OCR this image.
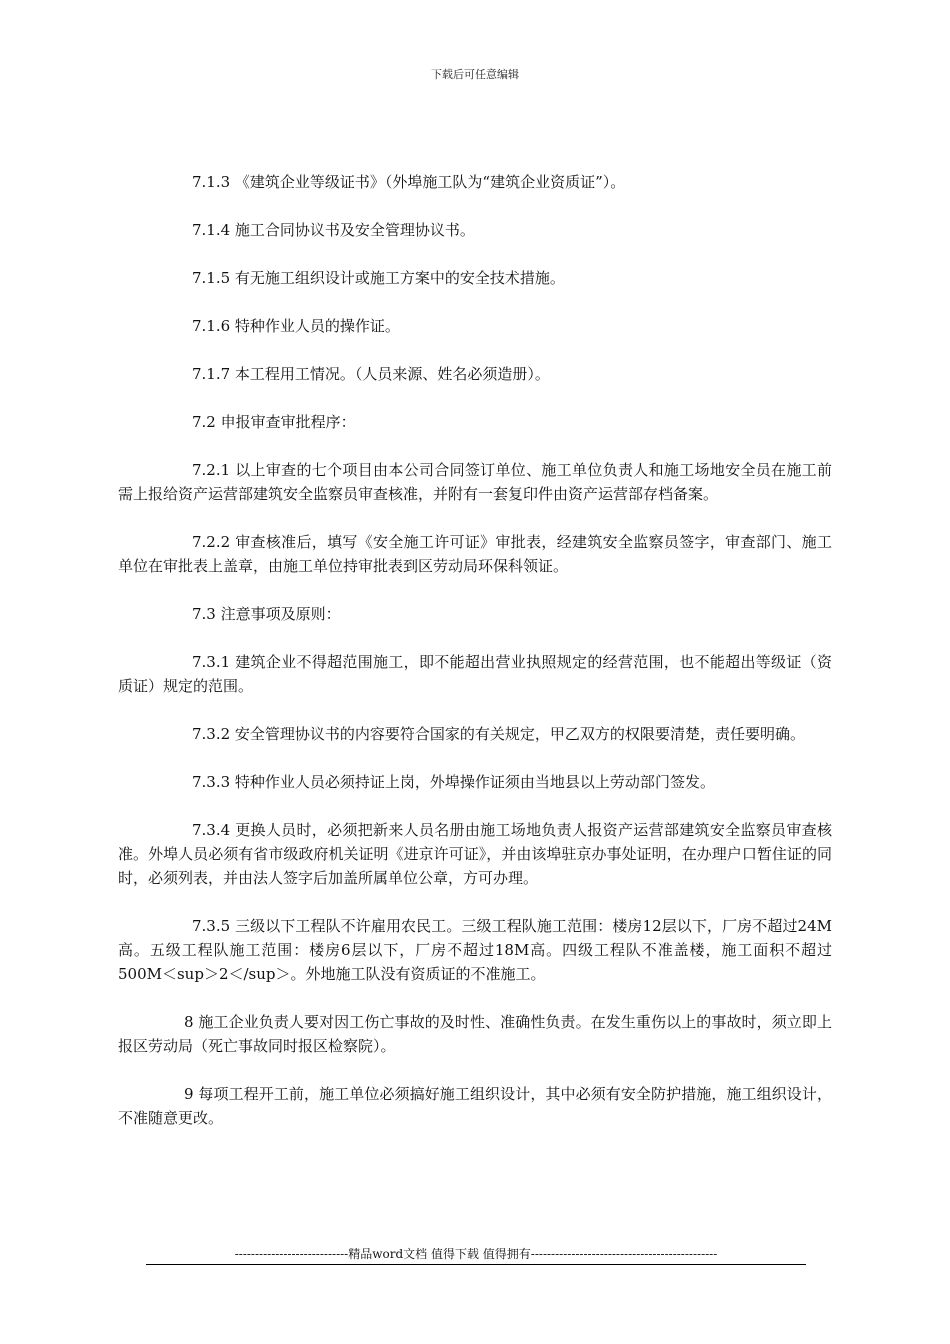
下载后可任意编辑

7.1.3 《建筑企业等级证书》（外埠施工队为“建筑企业资质证”）。

7.1.4 施工合同协议书及安全管理协议书。

7.1.5 有无施工组织设计或施工方案中的安全技术措施。

7.1.6 特种作业人员的操作证。

7.1.7 本工程用工情况。（人员来源、姓名必须造册）。

7.2 申报审查审批程序：

7.2.1 以上审查的七个项目由本公司合同签订单位、施工单位负责人和施工场地安全员在施工前需上报给资产运营部建筑安全监察员审查核准，并附有一套复印件由资产运营部存档备案。

7.2.2 审查核准后，填写《安全施工许可证》审批表，经建筑安全监察员签字，审查部门、施工单位在审批表上盖章，由施工单位持审批表到区劳动局环保科领证。

7.3 注意事项及原则：

7.3.1 建筑企业不得超范围施工，即不能超出营业执照规定的经营范围，也不能超出等级证（资质证）规定的范围。

7.3.2 安全管理协议书的内容要符合国家的有关规定，甲乙双方的权限要清楚，责任要明确。

7.3.3 特种作业人员必须持证上岗，外埠操作证须由当地县以上劳动部门签发。

7.3.4 更换人员时，必须把新来人员名册由施工场地负责人报资产运营部建筑安全监察员审查核准。外埠人员必须有省市级政府机关证明《进京许可证》，并由该埠驻京办事处证明，在办理户口暂住证的同时，必须列表，并由法人签字后加盖所属单位公章，方可办理。

7.3.5 三级以下工程队不许雇用农民工。三级工程队施工范围：楼房12层以下，厂房不超过24M高。五级工程队施工范围：楼房6层以下，厂房不超过18M高。四级工程队不准盖楼，施工面积不超过500M＜sup＞2＜/sup＞。外地施工队没有资质证的不准施工。

8 施工企业负责人要对因工伤亡事故的及时性、准确性负责。在发生重伤以上的事故时，须立即上报区劳动局（死亡事故同时报区检察院）。

9 每项工程开工前，施工单位必须搞好施工组织设计，其中必须有安全防护措施，施工组织设计，不准随意更改。

----------------------------精品word文档 值得下载 值得拥有----------------------------------------------
